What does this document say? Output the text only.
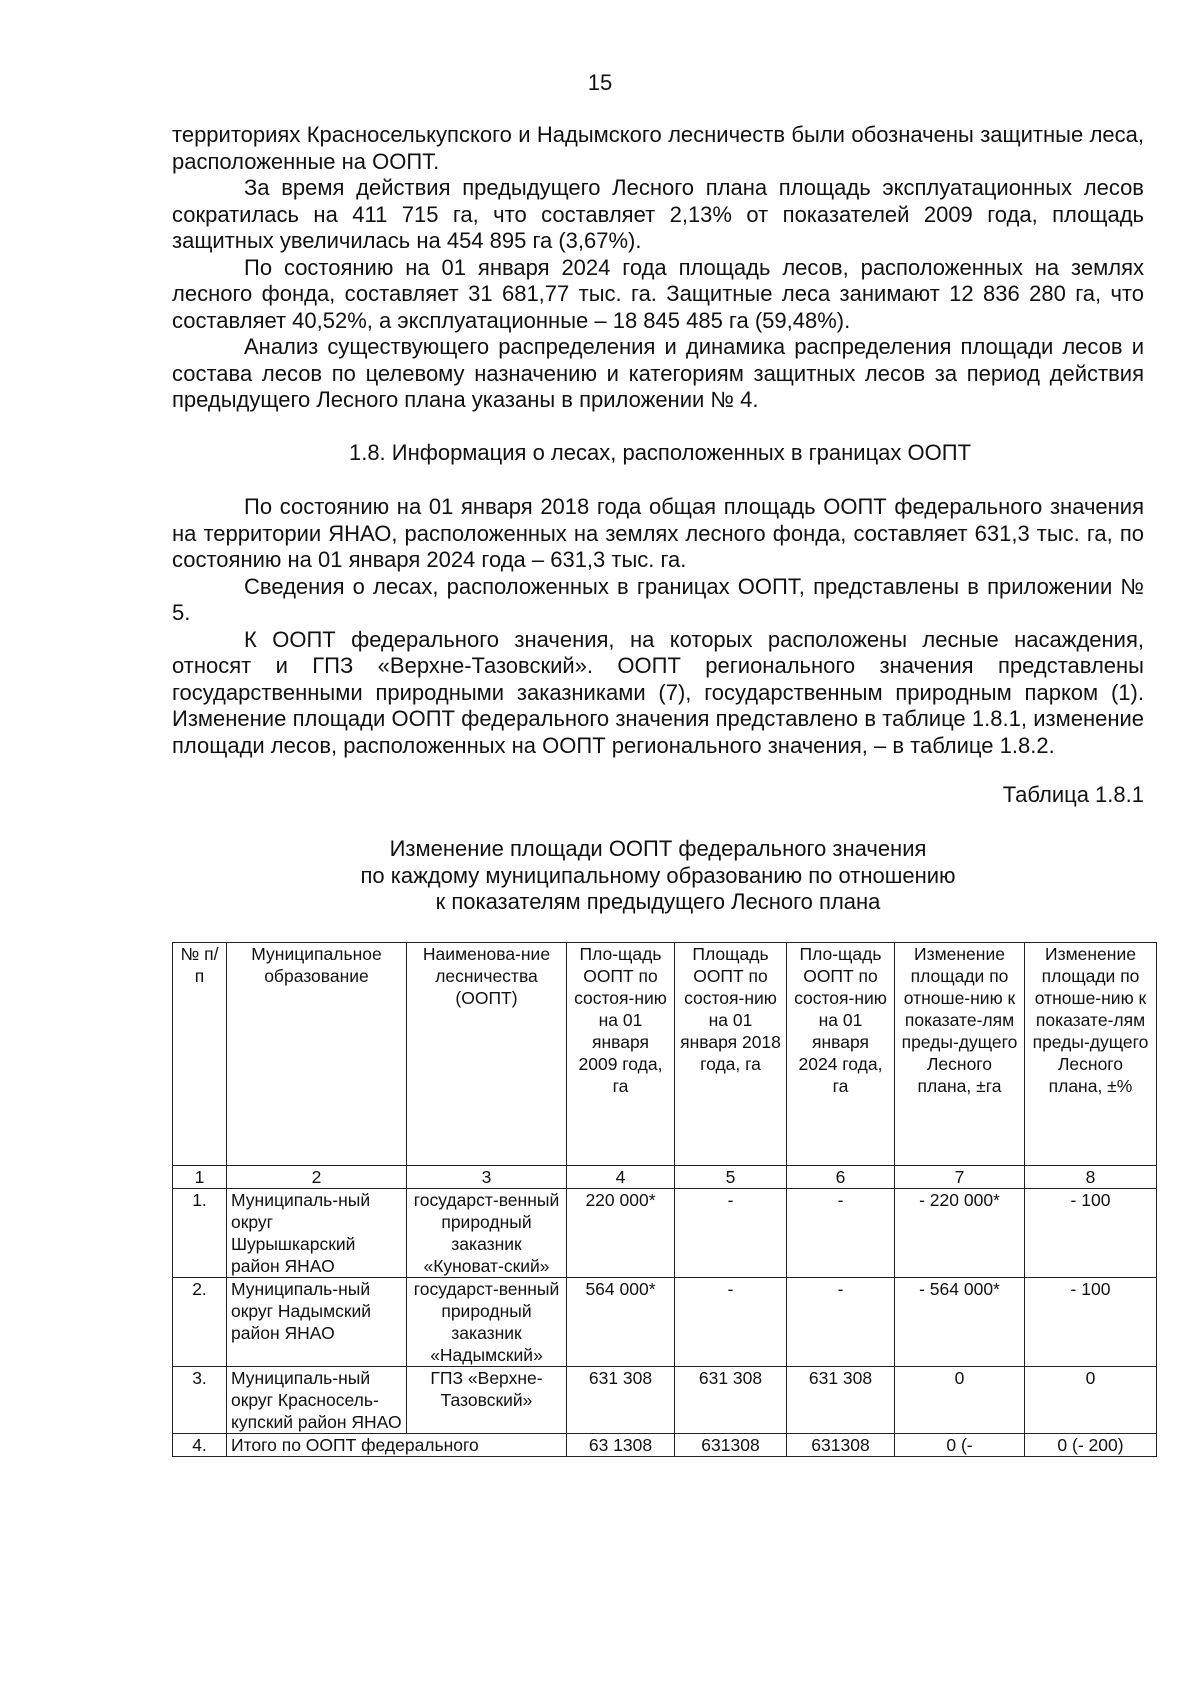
15

территориях Красноселькупского и Надымского лесничеств были обозначены защитные леса, расположенные на ООПТ.

За время действия предыдущего Лесного плана площадь эксплуатационных лесов сократилась на 411 715 га, что составляет 2,13% от показателей 2009 года, площадь защитных увеличилась на 454 895 га (3,67%).

По состоянию на 01 января 2024 года площадь лесов, расположенных на землях лесного фонда, составляет 31 681,77 тыс. га. Защитные леса занимают 12 836 280 га, что составляет 40,52%, а эксплуатационные – 18 845 485 га (59,48%).

Анализ существующего распределения и динамика распределения площади лесов и состава лесов по целевому назначению и категориям защитных лесов за период действия предыдущего Лесного плана указаны в приложении № 4.

1.8. Информация о лесах, расположенных в границах ООПТ

По состоянию на 01 января 2018 года общая площадь ООПТ федерального значения на территории ЯНАО, расположенных на землях лесного фонда, составляет 631,3 тыс. га, по состоянию на 01 января 2024 года – 631,3 тыс. га.

Сведения о лесах, расположенных в границах ООПТ, представлены в приложении № 5.

К ООПТ федерального значения, на которых расположены лесные насаждения, относят и ГПЗ «Верхне-Тазовский». ООПТ регионального значения представлены государственными природными заказниками (7), государственным природным парком (1). Изменение площади ООПТ федерального значения представлено в таблице 1.8.1, изменение площади лесов, расположенных на ООПТ регионального значения, – в таблице 1.8.2.

Таблица 1.8.1
Изменение площади ООПТ федерального значения
по каждому муниципальному образованию по отношению
к показателям предыдущего Лесного плана
№ п/п	Муниципальное образование	Наименова-ние лесничества (ООПТ)	Пло-щадь ООПТ по состоя-нию на 01 января 2009 года, га	Площадь ООПТ по состоя-нию на 01 января 2018 года, га	Пло-щадь ООПТ по состоя-нию на 01 января 2024 года, га	Изменение площади по отноше-нию к показате-лям преды-дущего Лесного плана, ±га	Изменение площади по отноше-нию к показате-лям преды-дущего Лесного плана, ±%
1	2	3	4	5	6	7	8
1.	Муниципаль-ный округ Шурышкарский район ЯНАО	государст-венный природный заказник «Куноват-ский»	220 000*	-	-	- 220 000*	- 100
2.	Муниципаль-ный округ Надымский район ЯНАО	государст-венный природный заказник «Надымский»	564 000*	-	-	- 564 000*	- 100
3.	Муниципаль-ный округ Красносель-купский район ЯНАО	ГПЗ «Верхне-Тазовский»	631 308	631 308	631 308	0	0
4.	Итого по ООПТ федерального		63 1308	631308	631308	0 (-	0 (- 200)
